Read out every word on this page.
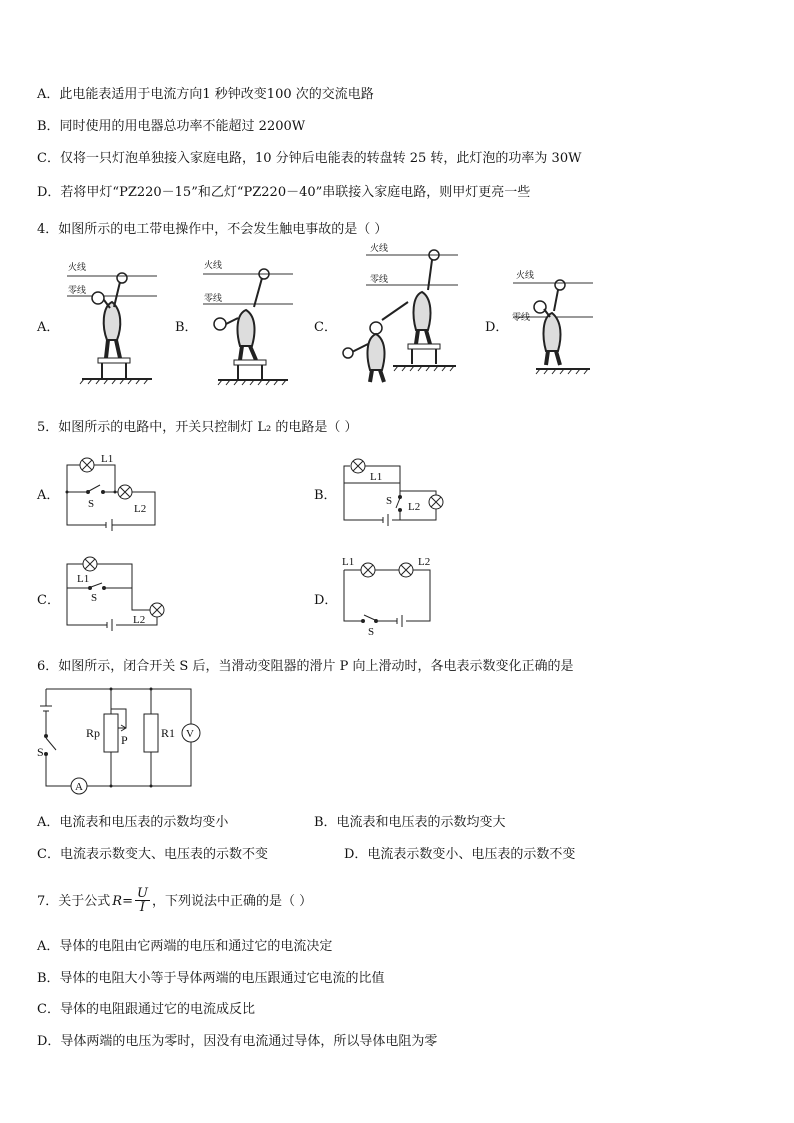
A．此电能表适用于电流方向1 秒钟改变100 次的交流电路
B．同时使用的用电器总功率不能超过 2200W
C．仅将一只灯泡单独接入家庭电路，10 分钟后电能表的转盘转 25 转，此灯泡的功率为 30W
D．若将甲灯“PZ220－15”和乙灯“PZ220－40”串联接入家庭电路，则甲灯更亮一些
4．如图所示的电工带电操作中，不会发生触电事故的是（ ）
A．	B．	C．	D．
火线
零线
火线
零线
火线
零线	火线
零线
5．如图所示的电路中，开关只控制灯 L₂ 的电路是（ ）
A．	B．
C．	D．
L1
S	L2
L1
S L2
L1
S
L2
L1	L2
S
6．如图所示，闭合开关 S 后，当滑动变阻器的滑片 P 向上滑动时，各电表示数变化正确的是
Rp P	R1 V
A
S
A．电流表和电压表的示数均变小	B．电流表和电压表的示数均变大
C．电流表示数变大、电压表的示数不变	D．电流表示数变小、电压表的示数不变
7．关于公式 $R= \frac{U}{I}$ ，下列说法中正确的是（ ）
A．导体的电阻由它两端的电压和通过它的电流决定
B．导体的电阻大小等于导体两端的电压跟通过它电流的比值
C．导体的电阻跟通过它的电流成反比
D．导体两端的电压为零时，因没有电流通过导体，所以导体电阻为零
